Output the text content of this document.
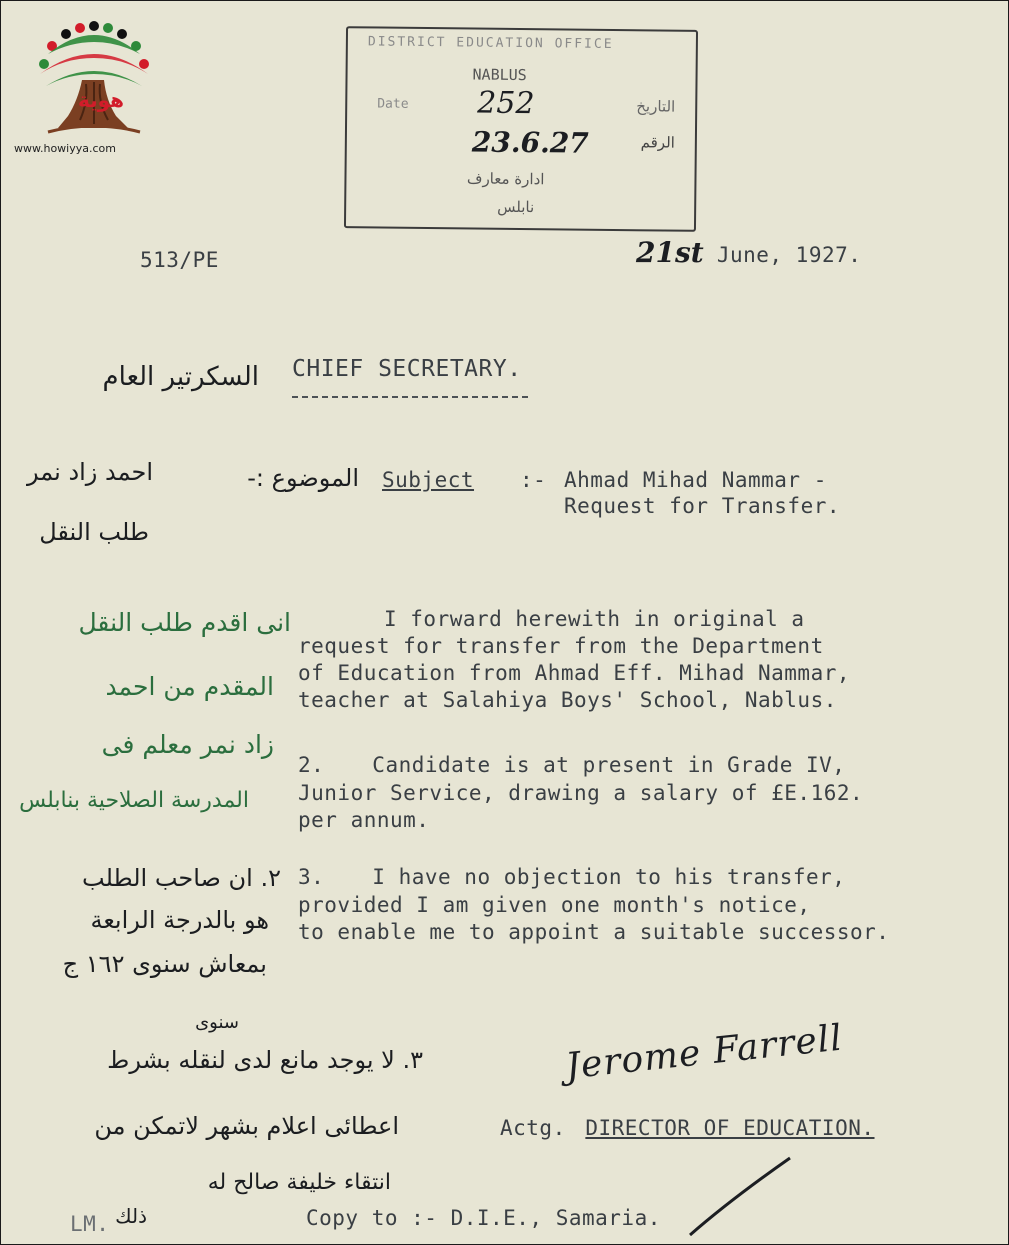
هوية
www.howiyya.com
DISTRICT EDUCATION OFFICE
NABLUS
Date	التاريخ
الرقم
ادارة معارف
نابلس
252
23.6.27
513/PE	21st June, 1927.
السكرتير العام CHIEF SECRETARY.
الموضوع :-
احمد زاد نمر
طلب النقل
Subject :- Ahmad Mihad Nammar -
Request for Transfer.
I forward herewith in original a
request for transfer from the Department
of Education from Ahmad Eff. Mihad Nammar,
teacher at Salahiya Boys' School, Nablus.
2. Candidate is at present in Grade IV,
Junior Service, drawing a salary of £E.162.
per annum.
3. I have no objection to his transfer,
provided I am given one month's notice,
to enable me to appoint a suitable successor.
انی اقدم طلب النقل
المقدم من احمد
زاد نمر معلم فی
المدرسة الصلاحیة بنابلس
٢. ان صاحب الطلب
هو بالدرجة الرابعة
بمعاش سنوی ١٦٢ ج
سنوی
٣. لا یوجد مانع لدی لنقله بشرط
اعطائی اعلام بشهر لاتمکن من
انتقاء خلیفة صالح له
ذلك
Jerome Farrell
Actg. DIRECTOR OF EDUCATION.
LM.	Copy to :- D.I.E., Samaria.
